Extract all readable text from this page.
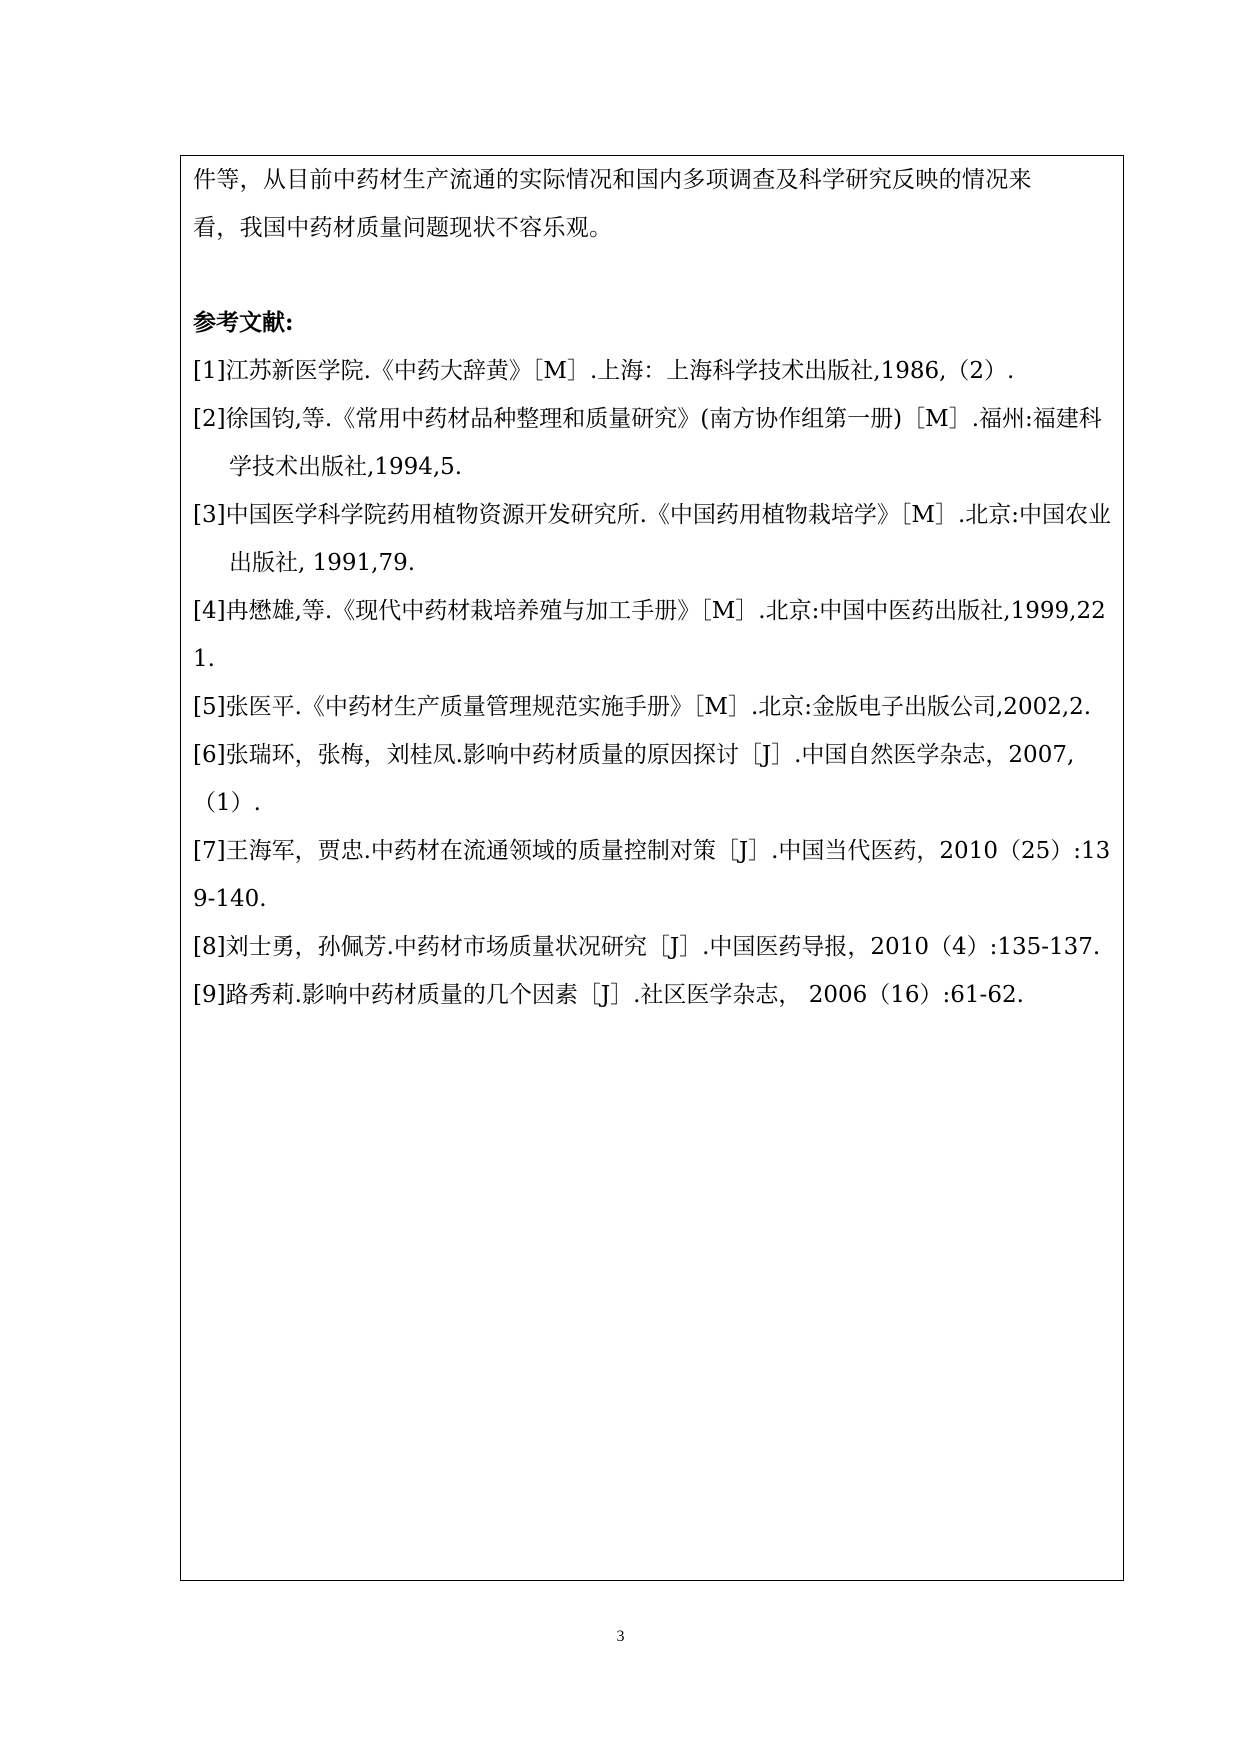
件等，从目前中药材生产流通的实际情况和国内多项调查及科学研究反映的情况来

看，我国中药材质量问题现状不容乐观。

参考文献:

[1]江苏新医学院.《中药大辞黄》［M］.上海：上海科学技术出版社,1986,（2）.

[2]徐国钧,等.《常用中药材品种整理和质量研究》(南方协作组第一册)［M］.福州:福建科学技术出版社,1994,5.

[3]中国医学科学院药用植物资源开发研究所.《中国药用植物栽培学》［M］.北京:中国农业出版社, 1991,79.

[4]冉懋雄,等.《现代中药材栽培养殖与加工手册》［M］.北京:中国中医药出版社,1999,221.

[5]张医平.《中药材生产质量管理规范实施手册》［M］.北京:金版电子出版公司,2002,2.

[6]张瑞环，张梅，刘桂凤.影响中药材质量的原因探讨［J］.中国自然医学杂志，2007,（1）.

[7]王海军，贾忠.中药材在流通领域的质量控制对策［J］.中国当代医药，2010（25）:139-140.

[8]刘士勇，孙佩芳.中药材市场质量状况研究［J］.中国医药导报，2010（4）:135-137.

[9]路秀莉.影响中药材质量的几个因素［J］.社区医学杂志， 2006（16）:61-62.

3
